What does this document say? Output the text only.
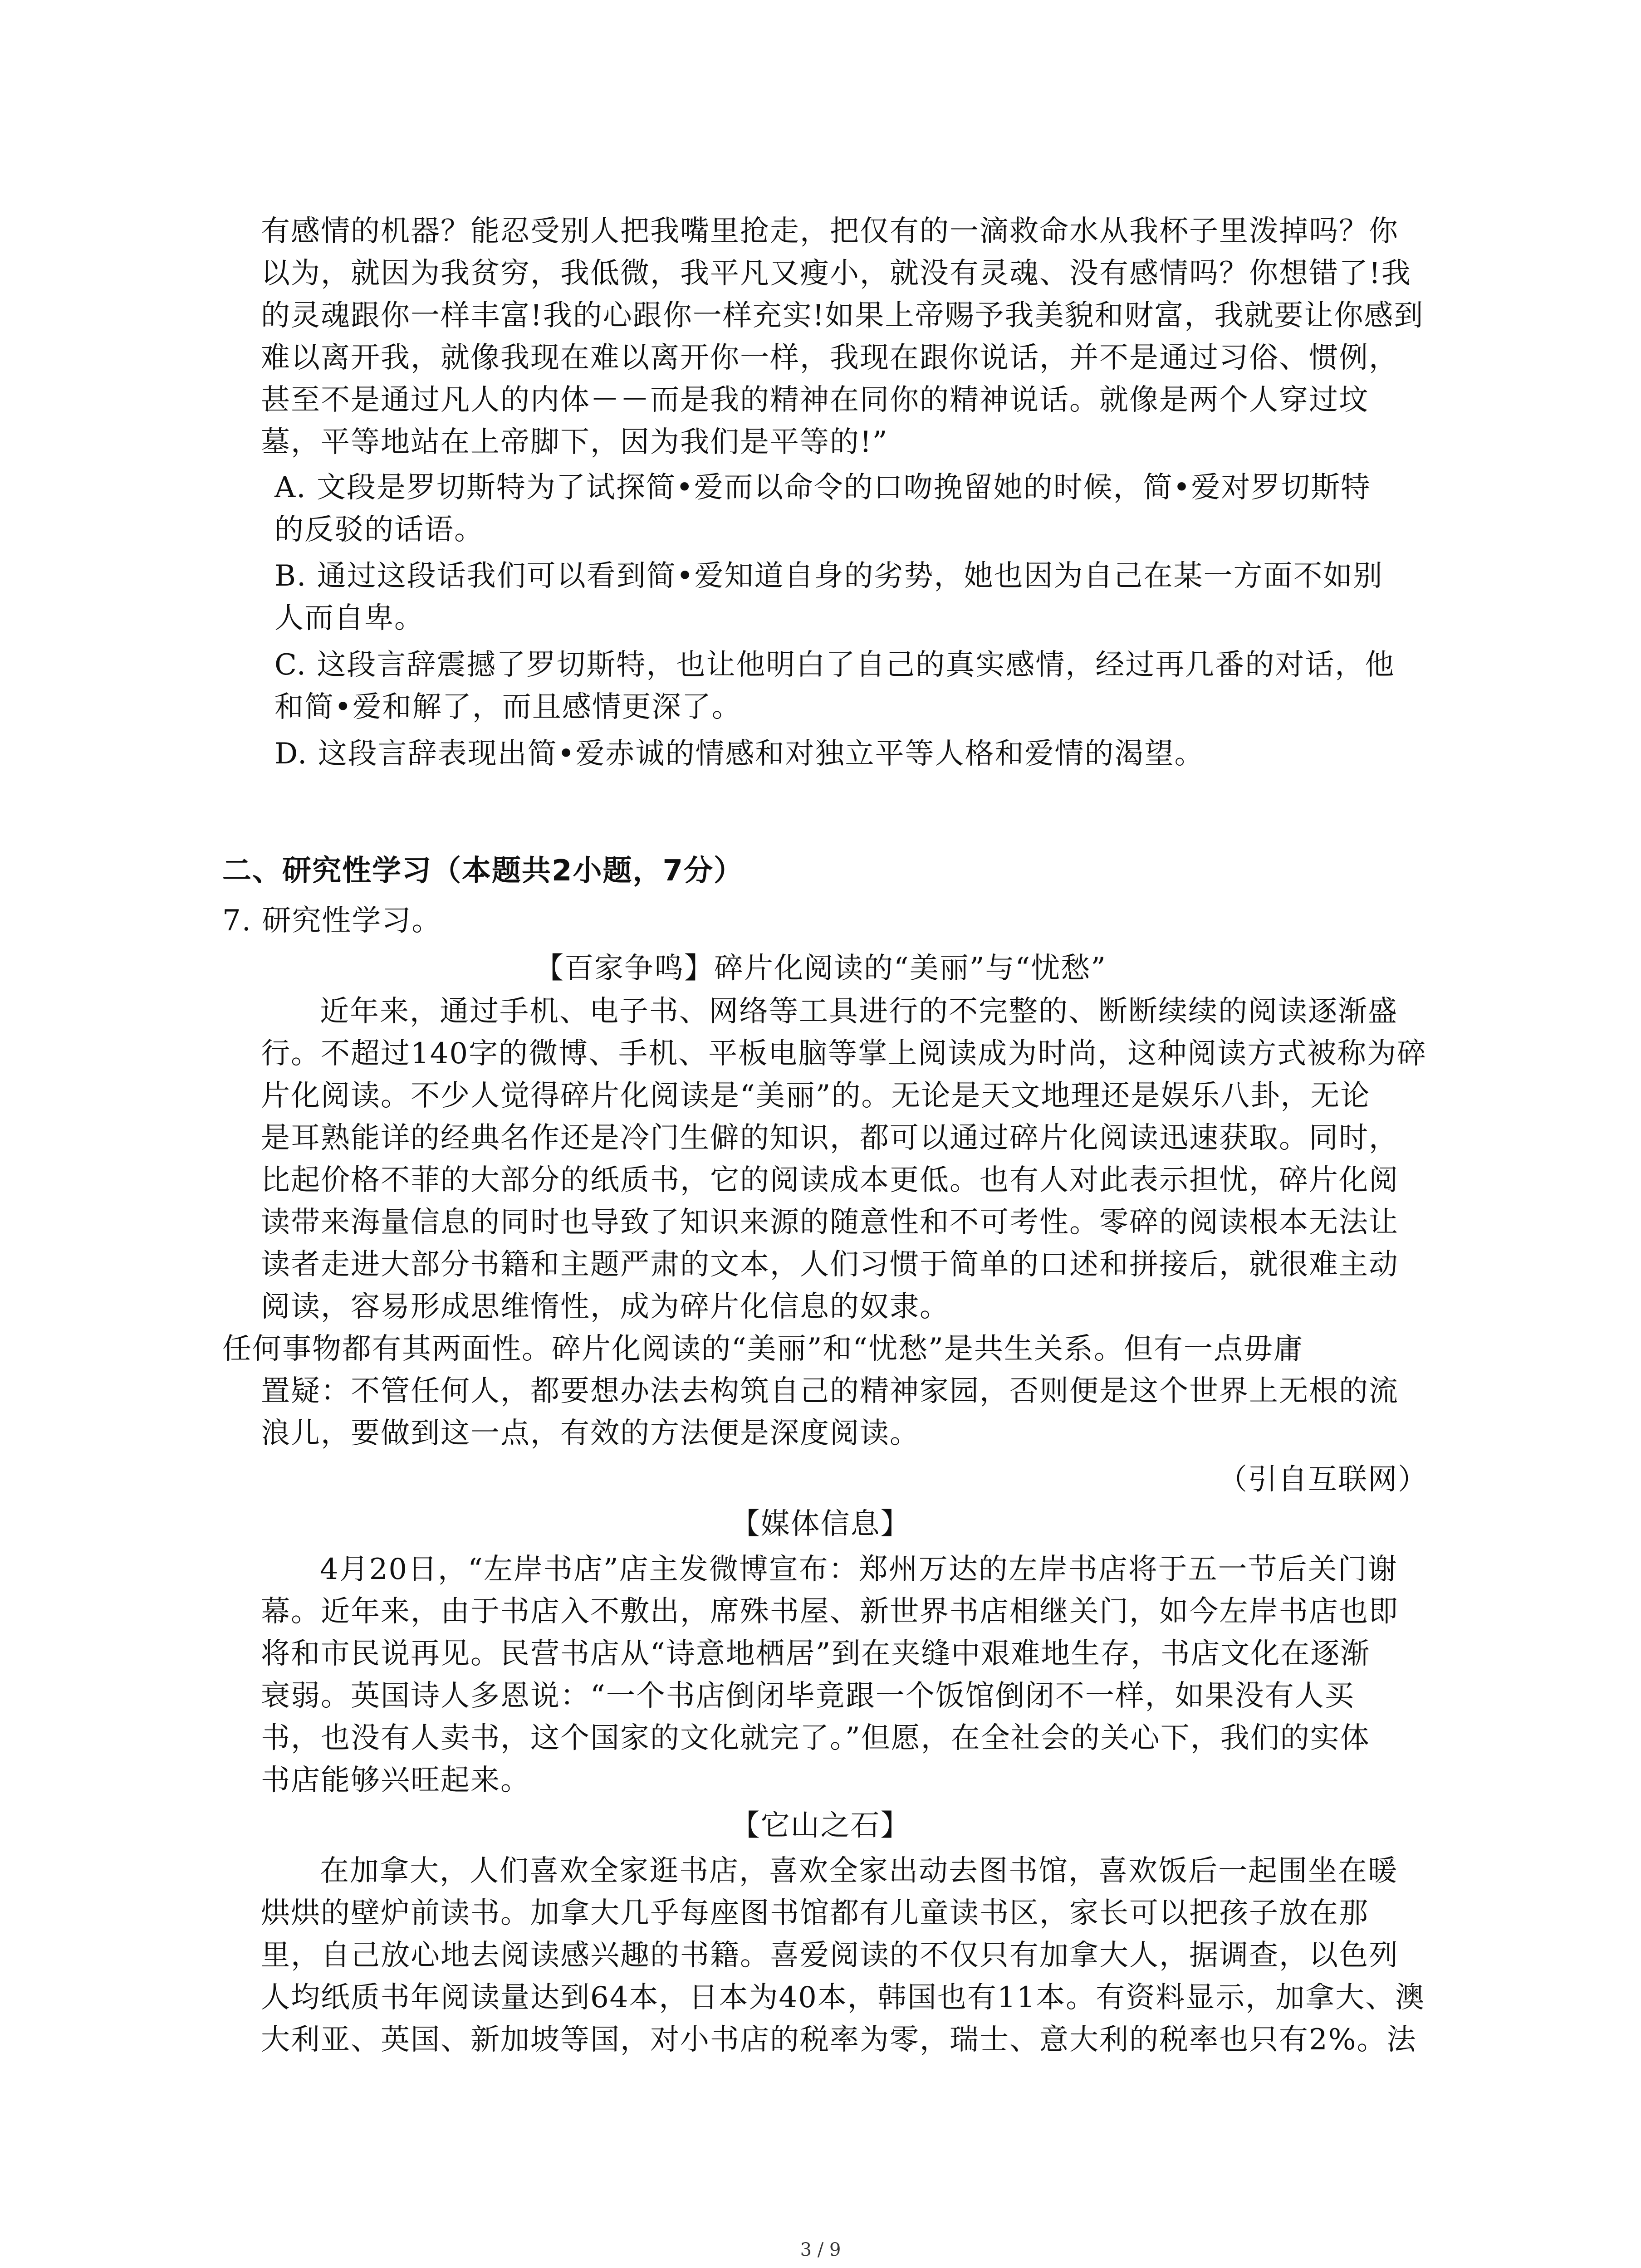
有感情的机器？能忍受别人把我嘴里抢走，把仅有的一滴救命水从我杯子里泼掉吗？你
以为，就因为我贫穷，我低微，我平凡又瘦小，就没有灵魂、没有感情吗？你想错了!我
的灵魂跟你一样丰富!我的心跟你一样充实!如果上帝赐予我美貌和财富，我就要让你感到
难以离开我，就像我现在难以离开你一样，我现在跟你说话，并不是通过习俗、惯例，
甚至不是通过凡人的内体－－而是我的精神在同你的精神说话。就像是两个人穿过坟
墓，平等地站在上帝脚下，因为我们是平等的!”
A. 文段是罗切斯特为了试探简•爱而以命令的口吻挽留她的时候，简•爱对罗切斯特
的反驳的话语。
B. 通过这段话我们可以看到简•爱知道自身的劣势，她也因为自己在某一方面不如别
人而自卑。
C. 这段言辞震撼了罗切斯特，也让他明白了自己的真实感情，经过再几番的对话，他
和简•爱和解了，而且感情更深了。
D. 这段言辞表现出简•爱赤诚的情感和对独立平等人格和爱情的渴望。
二、研究性学习（本题共2小题，7分）
7. 研究性学习。
【百家争鸣】碎片化阅读的“美丽”与“忧愁”
近年来，通过手机、电子书、网络等工具进行的不完整的、断断续续的阅读逐渐盛
行。不超过140字的微博、手机、平板电脑等掌上阅读成为时尚，这种阅读方式被称为碎
片化阅读。不少人觉得碎片化阅读是“美丽”的。无论是天文地理还是娱乐八卦，无论
是耳熟能详的经典名作还是冷门生僻的知识，都可以通过碎片化阅读迅速获取。同时，
比起价格不菲的大部分的纸质书，它的阅读成本更低。也有人对此表示担忧，碎片化阅
读带来海量信息的同时也导致了知识来源的随意性和不可考性。零碎的阅读根本无法让
读者走进大部分书籍和主题严肃的文本，人们习惯于简单的口述和拼接后，就很难主动
阅读，容易形成思维惰性，成为碎片化信息的奴隶。
任何事物都有其两面性。碎片化阅读的“美丽”和“忧愁”是共生关系。但有一点毋庸
置疑：不管任何人，都要想办法去构筑自己的精神家园，否则便是这个世界上无根的流
浪儿，要做到这一点，有效的方法便是深度阅读。
（引自互联网）
【媒体信息】
4月20日，“左岸书店”店主发微博宣布：郑州万达的左岸书店将于五一节后关门谢
幕。近年来，由于书店入不敷出，席殊书屋、新世界书店相继关门，如今左岸书店也即
将和市民说再见。民营书店从“诗意地栖居”到在夹缝中艰难地生存，书店文化在逐渐
衰弱。英国诗人多恩说：“一个书店倒闭毕竟跟一个饭馆倒闭不一样，如果没有人买
书，也没有人卖书，这个国家的文化就完了。”但愿，在全社会的关心下，我们的实体
书店能够兴旺起来。
【它山之石】
在加拿大，人们喜欢全家逛书店，喜欢全家出动去图书馆，喜欢饭后一起围坐在暖
烘烘的壁炉前读书。加拿大几乎每座图书馆都有儿童读书区，家长可以把孩子放在那
里，自己放心地去阅读感兴趣的书籍。喜爱阅读的不仅只有加拿大人，据调查，以色列
人均纸质书年阅读量达到64本，日本为40本，韩国也有11本。有资料显示，加拿大、澳
大利亚、英国、新加坡等国，对小书店的税率为零，瑞士、意大利的税率也只有2%。法
3 / 9
